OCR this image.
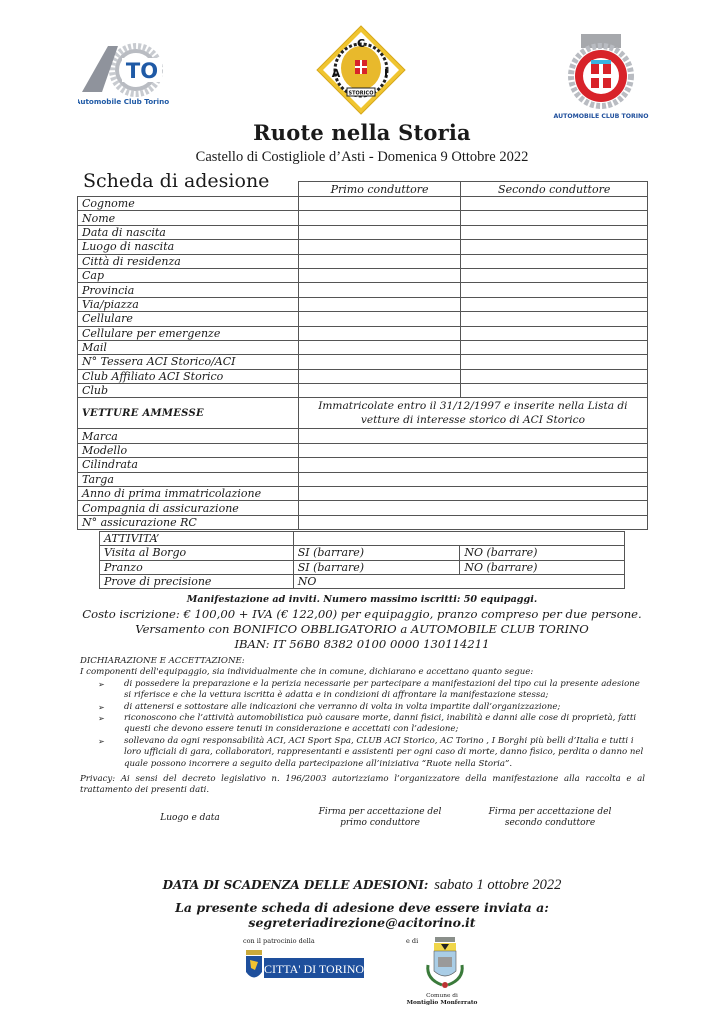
TO
Automobile Club Torino
C
A	I
STORICO
AUTOMOBILE CLUB TORINO
Ruote nella Storia
Castello di Costigliole d’Asti - Domenica 9 Ottobre 2022
Scheda di adesione
		Primo conduttore	Secondo conduttore
Cognome		
Nome		
Data di nascita		
Luogo di nascita		
Città di residenza		
Cap		
Provincia		
Via/piazza		
Cellulare		
Cellulare per emergenze		
Mail		
N° Tessera ACI Storico/ACI		
Club Affiliato ACI Storico		
Club		
VETTURE AMMESSE	Immatricolate entro il 31/12/1997 e inserite nella Lista di vetture di interesse storico di ACI Storico	
Marca		
Modello		
Cilindrata		
Targa		
Anno di prima immatricolazione		
Compagnia di assicurazione		
N° assicurazione RC		
ATTIVITA’		
Visita al Borgo	SI (barrare)	NO (barrare)
Pranzo	SI (barrare)	NO (barrare)
Prove di precisione	NO	
Manifestazione ad inviti. Numero massimo iscritti: 50 equipaggi.
Costo iscrizione: € 100,00 + IVA (€ 122,00) per equipaggio, pranzo compreso per due persone.
Versamento con BONIFICO OBBLIGATORIO a AUTOMOBILE CLUB TORINO
IBAN: IT 56B0 8382 0100 0000 130114211
DICHIARAZIONE E ACCETTAZIONE:
I componenti dell'equipaggio, sia individualmente che in comune, dichiarano e accettano quanto segue:
➢ di possedere la preparazione e la perizia necessarie per partecipare a manifestazioni del tipo cui la presente adesione si riferisce e che la vettura iscritta è adatta e in condizioni di affrontare la manifestazione stessa;
➢ di attenersi e sottostare alle indicazioni che verranno di volta in volta impartite dall’organizzazione;
➢ riconoscono che l’attività automobilistica può causare morte, danni fisici, inabilità e danni alle cose di proprietà, fatti questi che devono essere tenuti in considerazione e accettati con l’adesione;
➢ sollevano da ogni responsabilità ACI, ACI Sport Spa, CLUB ACI Storico, AC Torino , I Borghi più belli d’Italia e tutti i loro ufficiali di gara, collaboratori, rappresentanti e assistenti per ogni caso di morte, danno fisico, perdita o danno nel quale possono incorrere a seguito della partecipazione all’iniziativa “Ruote nella Storia”.
Privacy: Ai sensi del decreto legislativo n. 196/2003 autorizziamo l’organizzatore della manifestazione alla raccolta e al trattamento dei presenti dati.
Luogo e data
Firma per accettazione del
primo conduttore
Firma per accettazione del
secondo conduttore
DATA DI SCADENZA DELLE ADESIONI: sabato 1 ottobre 2022
La presente scheda di adesione deve essere inviata a:
segreteriadirezione@acitorino.it
con il patrocinio della	e di
CITTA' DI TORINO
Comune di
Montiglio Monferrato
